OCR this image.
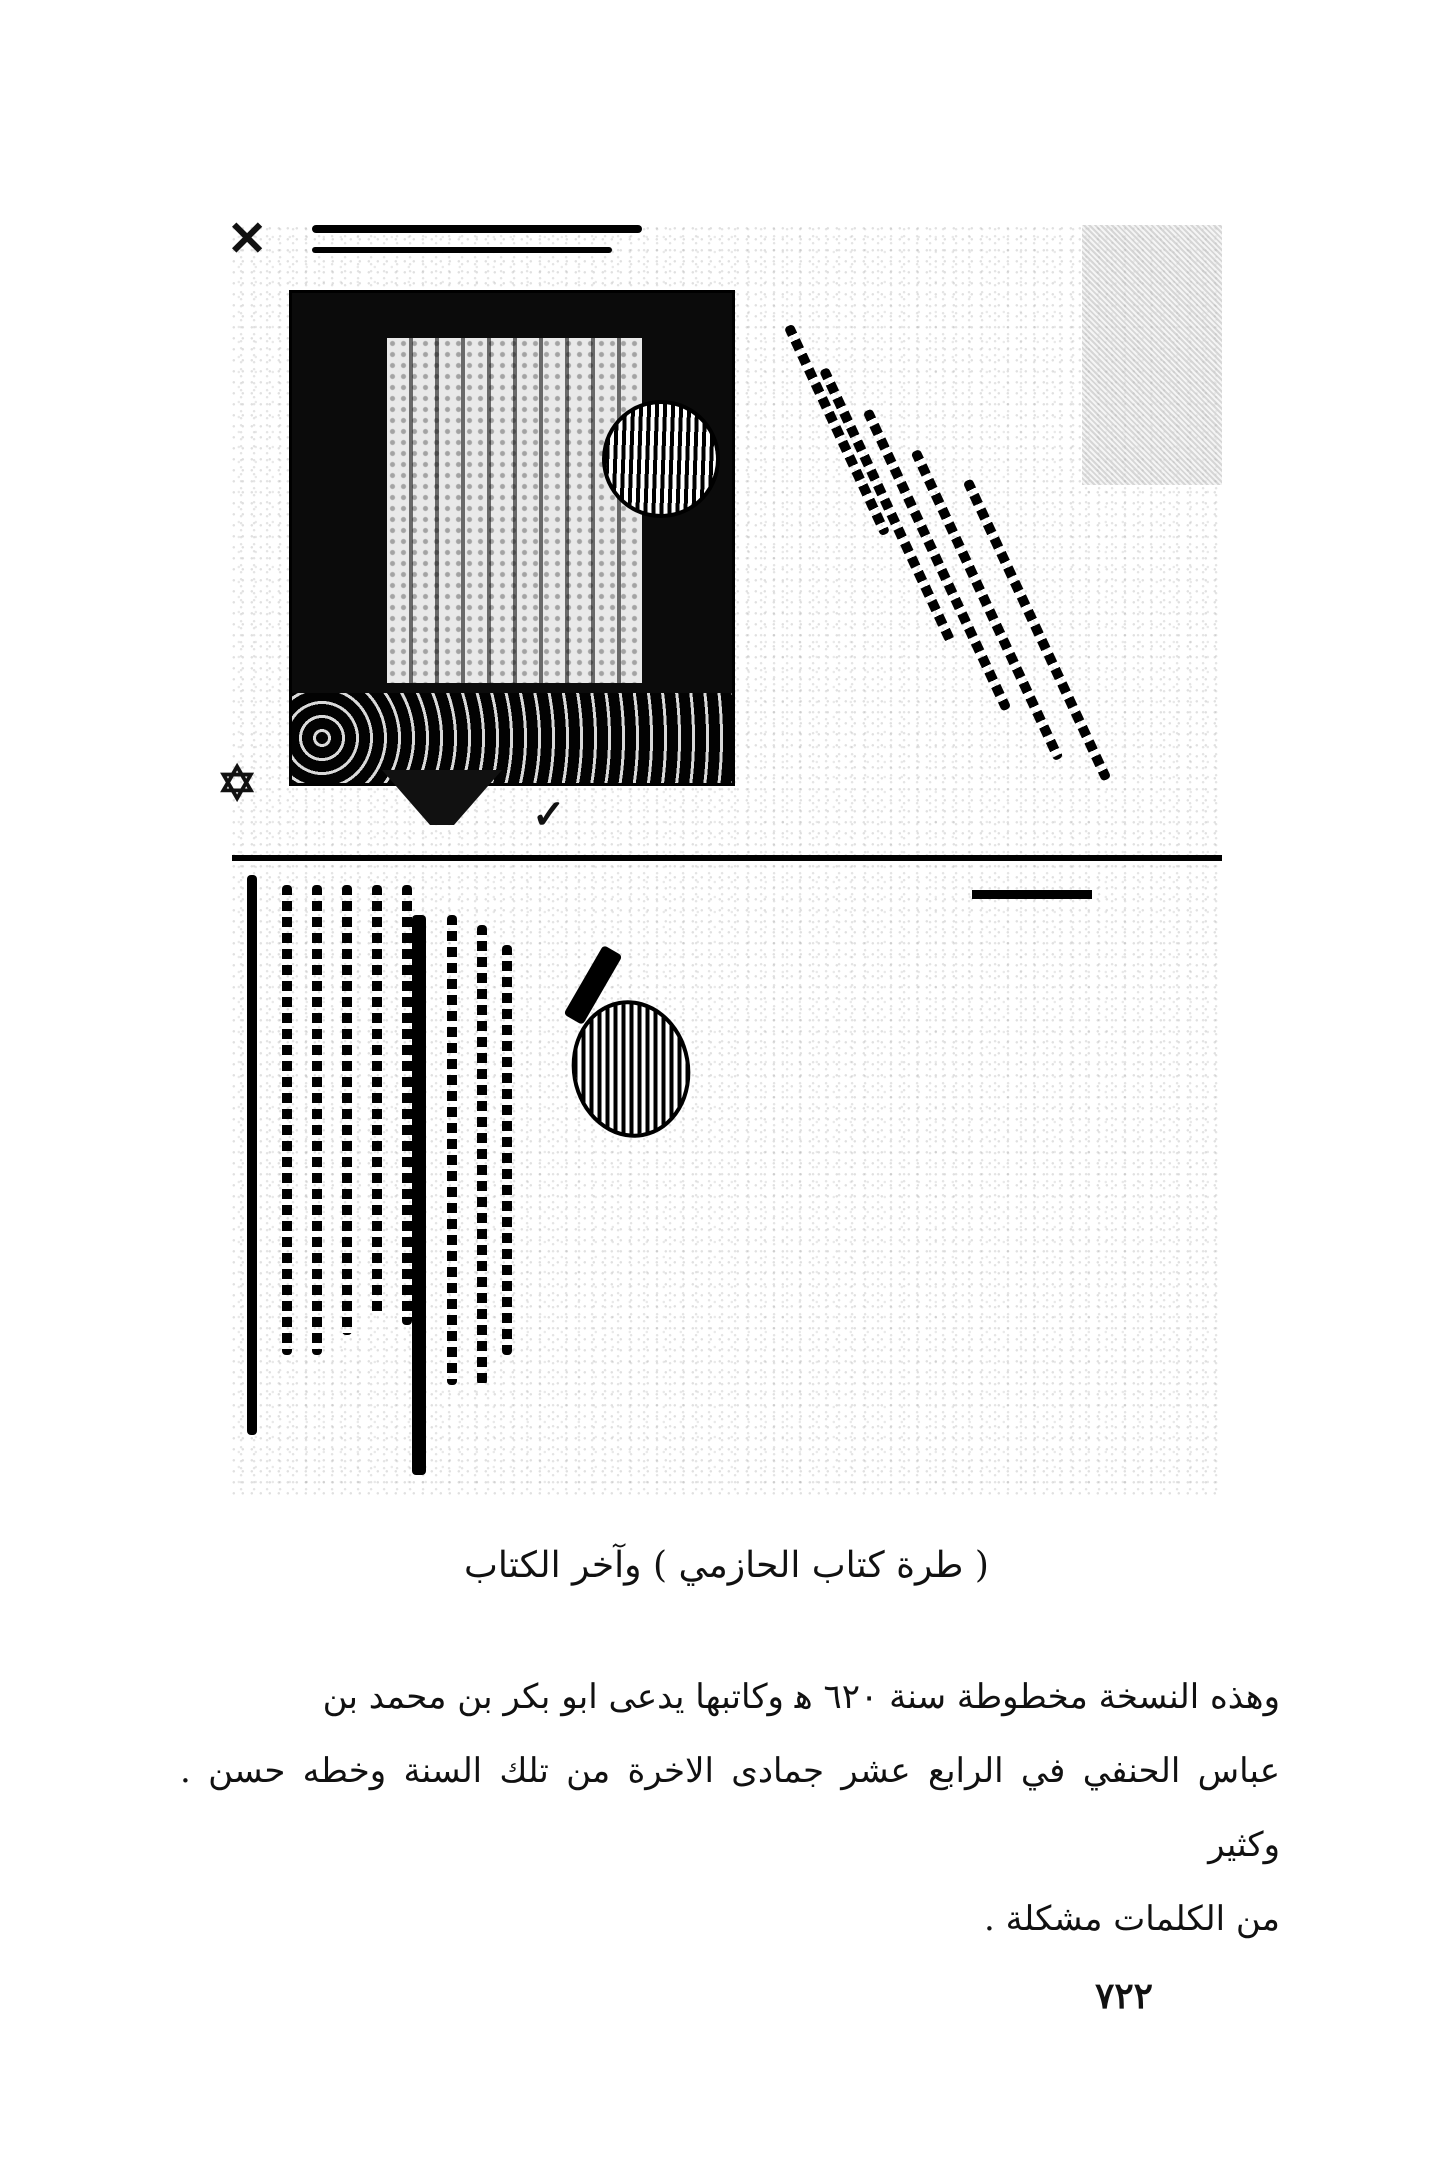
✕
✡
✓
( طرة كتاب الحازمي ) وآخر الكتاب

وهذه النسخة مخطوطة سنة ٦٢٠ ﻫ وكاتبها يدعى ابو بكر بن محمد بن

عباس الحنفي في الرابع عشر جمادى الاخرة من تلك السنة وخطه حسن . وكثير

من الكلمات مشكلة .

٧٢٢
